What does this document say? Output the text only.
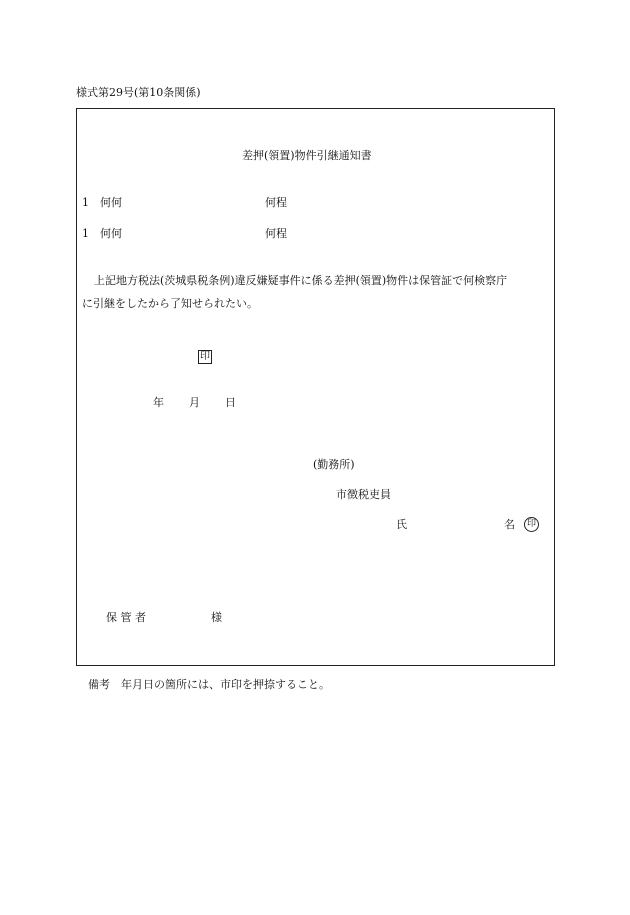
様式第29号(第10条関係)
差押(領置)物件引継通知書
1 何何	何程
1 何何	何程
上記地方税法(茨城県税条例)違反嫌疑事件に係る差押(領置)物件は保管証で何検察庁
に引継をしたから了知せられたい。
印
年 月 日
(勤務所)
市徴税吏員
氏	名	印
保 管 者	様
備考　年月日の箇所には、市印を押捺すること。
